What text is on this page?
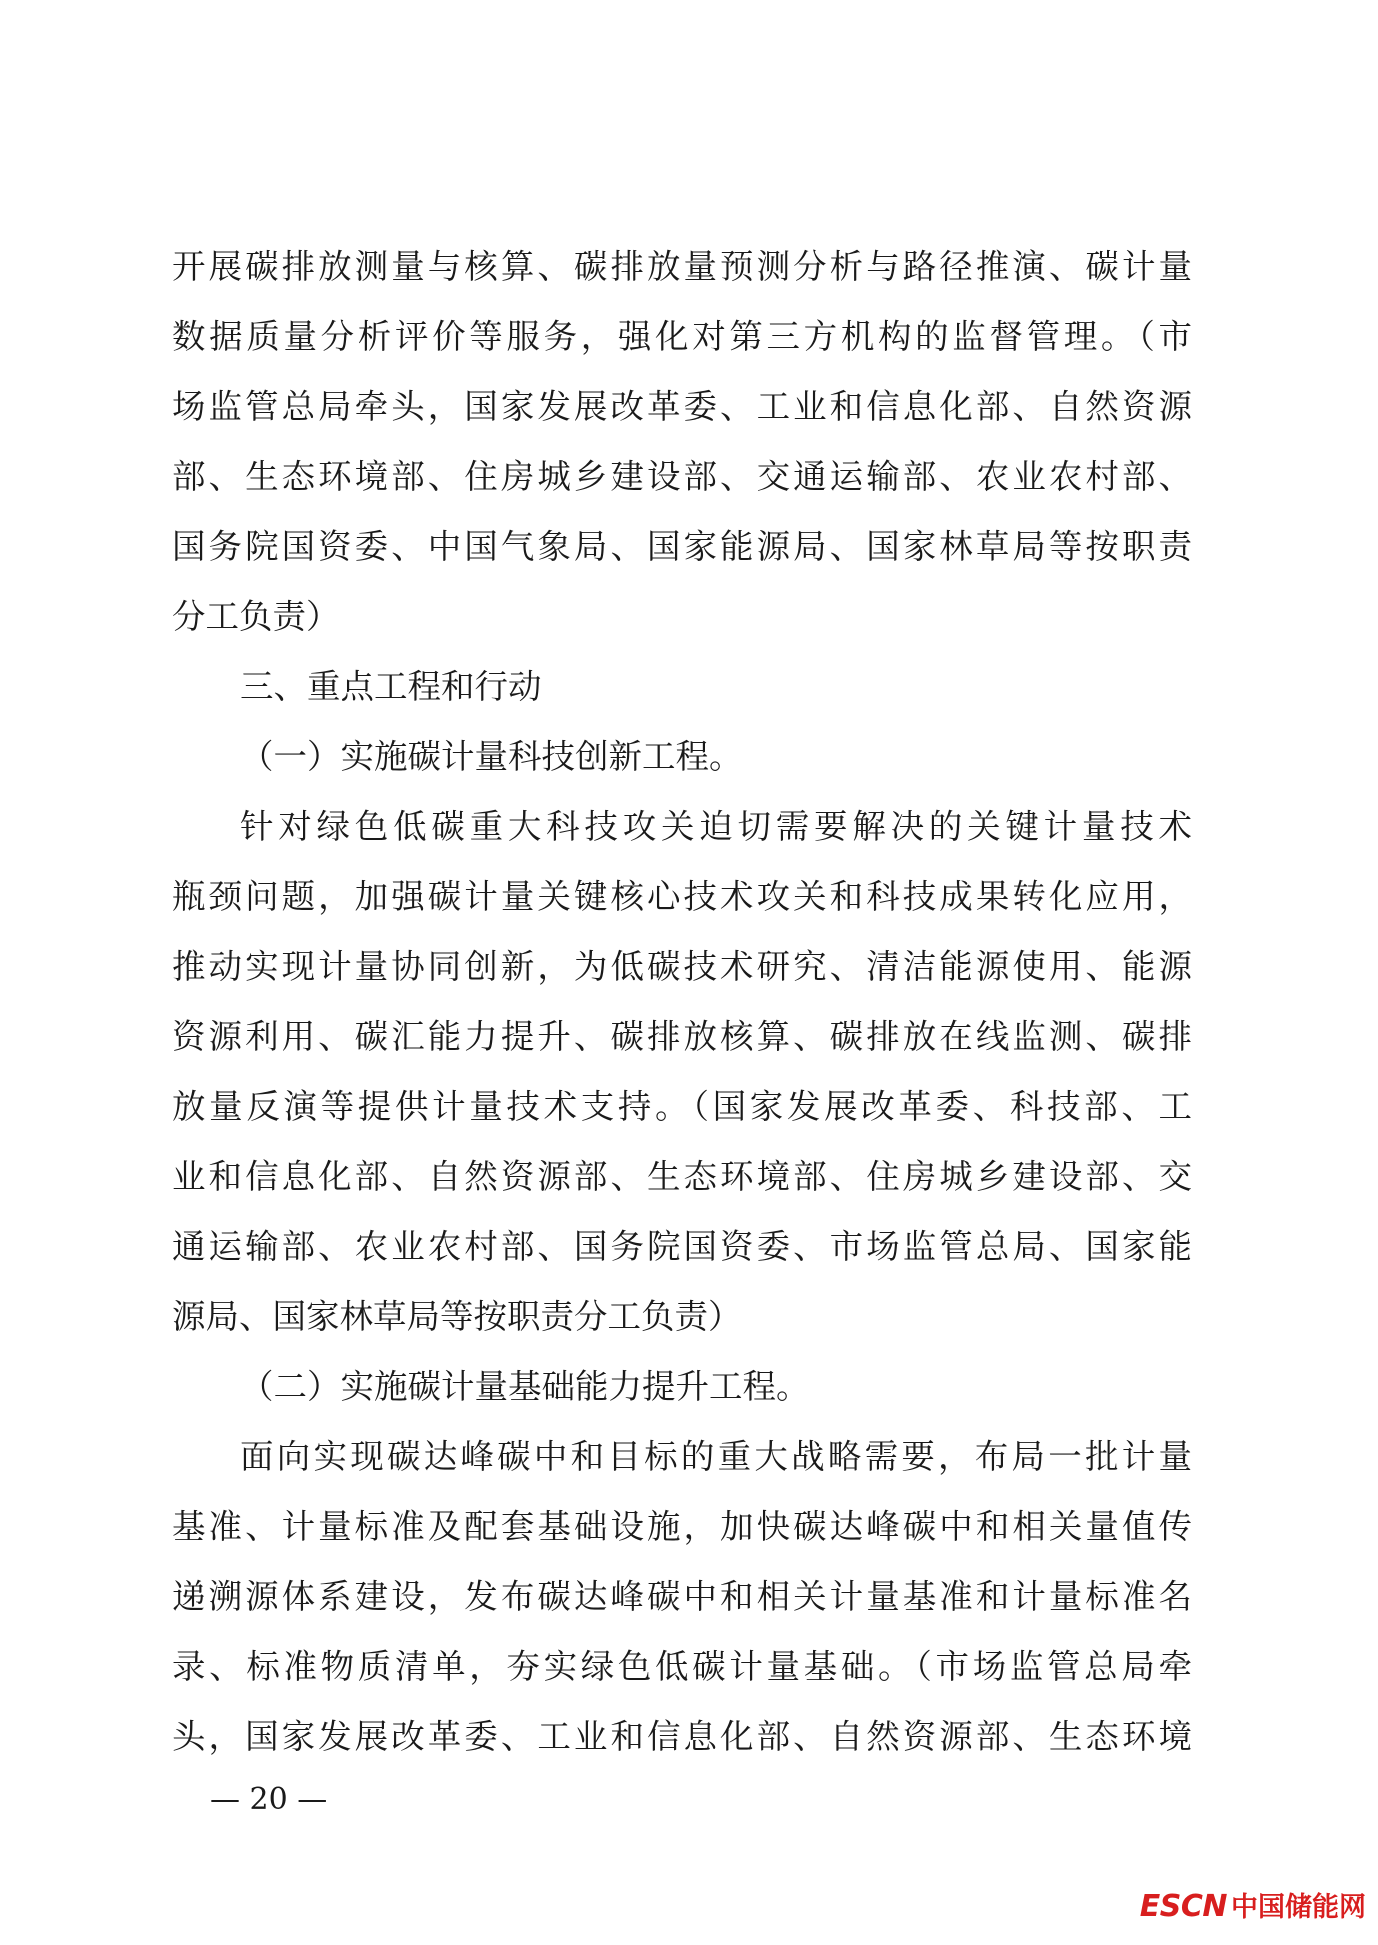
开展碳排放测量与核算、碳排放量预测分析与路径推演、碳计量
数据质量分析评价等服务，强化对第三方机构的监督管理。（市
场监管总局牵头，国家发展改革委、工业和信息化部、自然资源
部、生态环境部、住房城乡建设部、交通运输部、农业农村部、
国务院国资委、中国气象局、国家能源局、国家林草局等按职责
分工负责）
三、重点工程和行动
（一）实施碳计量科技创新工程。
针对绿色低碳重大科技攻关迫切需要解决的关键计量技术
瓶颈问题，加强碳计量关键核心技术攻关和科技成果转化应用，
推动实现计量协同创新，为低碳技术研究、清洁能源使用、能源
资源利用、碳汇能力提升、碳排放核算、碳排放在线监测、碳排
放量反演等提供计量技术支持。（国家发展改革委、科技部、工
业和信息化部、自然资源部、生态环境部、住房城乡建设部、交
通运输部、农业农村部、国务院国资委、市场监管总局、国家能
源局、国家林草局等按职责分工负责）
（二）实施碳计量基础能力提升工程。
面向实现碳达峰碳中和目标的重大战略需要，布局一批计量
基准、计量标准及配套基础设施，加快碳达峰碳中和相关量值传
递溯源体系建设，发布碳达峰碳中和相关计量基准和计量标准名
录、标准物质清单，夯实绿色低碳计量基础。（市场监管总局牵
头，国家发展改革委、工业和信息化部、自然资源部、生态环境
— 20 —
ESCN 中国储能网
